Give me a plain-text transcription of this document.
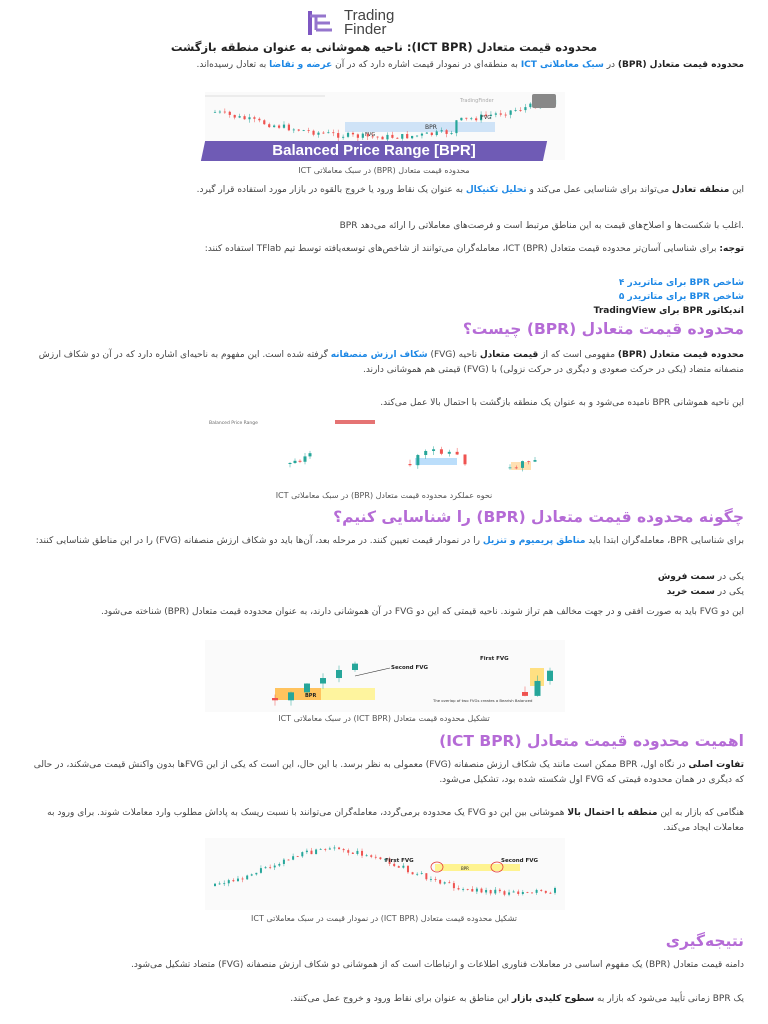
Trading
Finder
محدوده قیمت متعادل (ICT BPR): ناحیه هموشانی به عنوان منطقه بازگشت
محدوده قیمت متعادل (BPR) در سبک معاملاتی ICT به منطقه‌ای در نمودار قیمت اشاره دارد که در آن عرضه و تقاضا به تعادل رسیده‌اند.
FVG
BPR
FVG
TradingFinder
Balanced Price Range [BPR]
محدوده قیمت متعادل (BPR) در سبک معاملاتی ICT
این منطقه تعادل می‌تواند برای شناسایی عمل می‌کند و تحلیل تکنیکال به عنوان یک نقاط ورود یا خروج بالقوه در بازار مورد استفاده قرار گیرد.
BPR اغلب با شکست‌ها و اصلاح‌های قیمت به این مناطق مرتبط است و فرصت‌های معاملاتی را ارائه می‌دهد.
توجه: برای شناسایی آسان‌تر محدوده قیمت متعادل (BPR) ICT، معامله‌گران می‌توانند از شاخص‌های توسعه‌یافته توسط تیم TFlab استفاده کنند:
شاخص BPR برای متاتریدر ۴
شاخص BPR برای متاتریدر ۵
اندیکاتور BPR برای TradingView
محدوده قیمت متعادل (BPR) چیست؟
محدوده قیمت متعادل (BPR) مفهومی است که از قیمت متعادل ناحیه (FVG) شکاف ارزش منصفانه گرفته شده است. این مفهوم به ناحیه‌ای اشاره دارد که در آن دو شکاف ارزش منصفانه متضاد (یکی در حرکت صعودی و دیگری در حرکت نزولی) با (FVG) قیمتی هم هموشانی دارند.
این ناحیه هموشانی BPR نامیده می‌شود و به عنوان یک منطقه بازگشت با احتمال بالا عمل می‌کند.
Balanced Price Range
نحوه عملکرد محدوده قیمت متعادل (BPR) در سبک معاملاتی ICT
چگونه محدوده قیمت متعادل (BPR) را شناسایی کنیم؟
برای شناسایی BPR، معامله‌گران ابتدا باید مناطق پریمیوم و تنزیل را در نمودار قیمت تعیین کنند. در مرحله بعد، آن‌ها باید دو شکاف ارزش منصفانه (FVG) را در این مناطق شناسایی کنند:
یکی در سمت فروش
یکی در سمت خرید
این دو FVG باید به صورت افقی و در جهت مخالف هم تراز شوند. ناحیه قیمتی که این دو FVG در آن هموشانی دارند، به عنوان محدوده قیمت متعادل (BPR) شناخته می‌شود.
Second FVG
First FVG
BPR
The overlap of two FVGs creates a Bearish Balanced
تشکیل محدوده قیمت متعادل (ICT BPR) در سبک معاملاتی ICT
اهمیت محدوده قیمت متعادل (ICT BPR)
تفاوت اصلی در نگاه اول، BPR ممکن است مانند یک شکاف ارزش منصفانه (FVG) معمولی به نظر برسد. با این حال، این است که یکی از این FVGها بدون واکنش قیمت می‌شکند، در حالی که دیگری در همان محدوده قیمتی که FVG اول شکسته شده بود، تشکیل می‌شود.
هنگامی که بازار به این منطقه با احتمال بالا هموشانی بین این دو FVG یک محدوده برمی‌گردد، معامله‌گران می‌توانند با نسبت ریسک به پاداش مطلوب وارد معاملات شوند. برای ورود به معاملات ایجاد می‌کند.
First FVG
BPR
Second FVG
تشکیل محدوده قیمت متعادل (ICT BPR) در نمودار قیمت در سبک معاملاتی ICT
نتیجه‌گیری
دامنه قیمت متعادل (BPR) یک مفهوم اساسی در معاملات فناوری اطلاعات و ارتباطات است که از هموشانی دو شکاف ارزش منصفانه (FVG) متضاد تشکیل می‌شود.
یک BPR زمانی تأیید می‌شود که بازار به سطوح کلیدی بازار این مناطق به عنوان برای نقاط ورود و خروج عمل می‌کنند.
